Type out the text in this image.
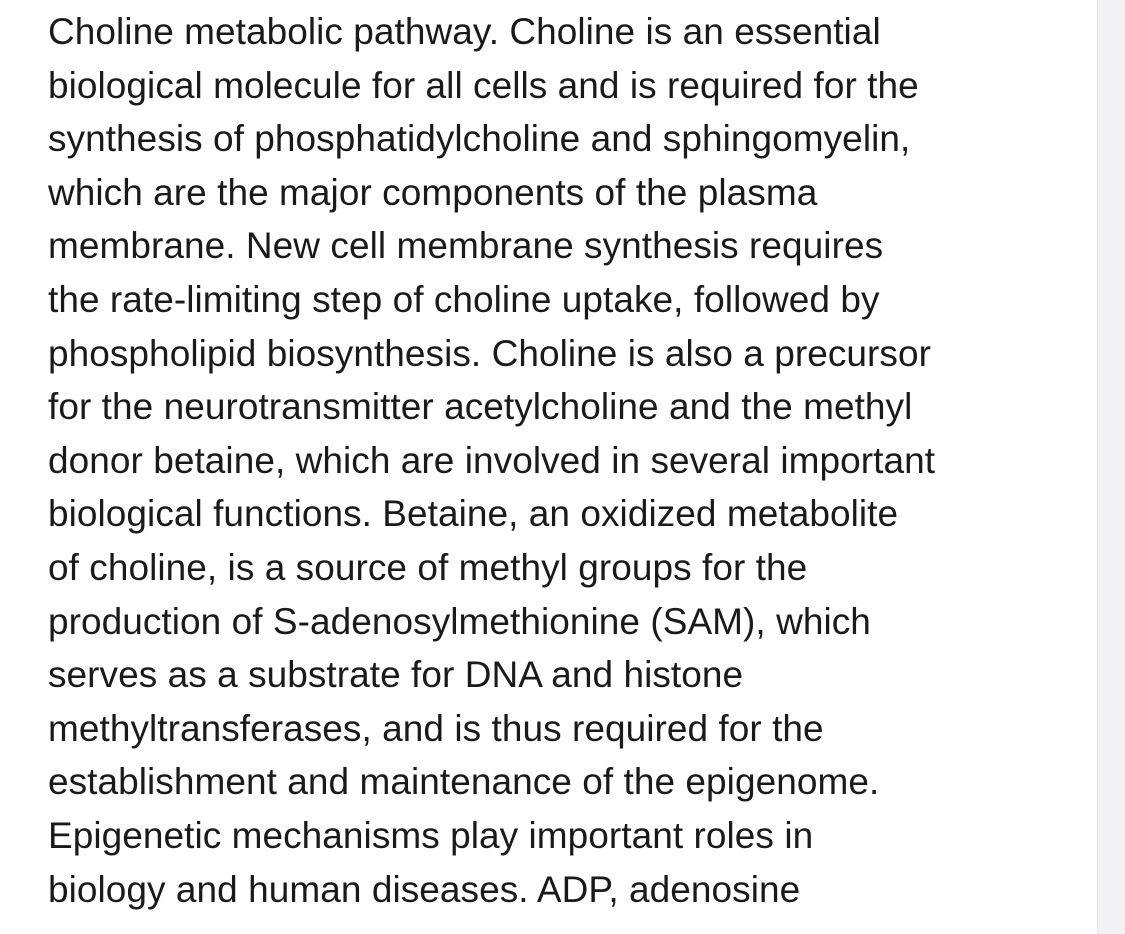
Choline metabolic pathway. Choline is an essential
biological molecule for all cells and is required for the
synthesis of phosphatidylcholine and sphingomyelin,
which are the major components of the plasma
membrane. New cell membrane synthesis requires
the rate-limiting step of choline uptake, followed by
phospholipid biosynthesis. Choline is also a precursor
for the neurotransmitter acetylcholine and the methyl
donor betaine, which are involved in several important
biological functions. Betaine, an oxidized metabolite
of choline, is a source of methyl groups for the
production of S-adenosylmethionine (SAM), which
serves as a substrate for DNA and histone
methyltransferases, and is thus required for the
establishment and maintenance of the epigenome.
Epigenetic mechanisms play important roles in
biology and human diseases. ADP, adenosine
